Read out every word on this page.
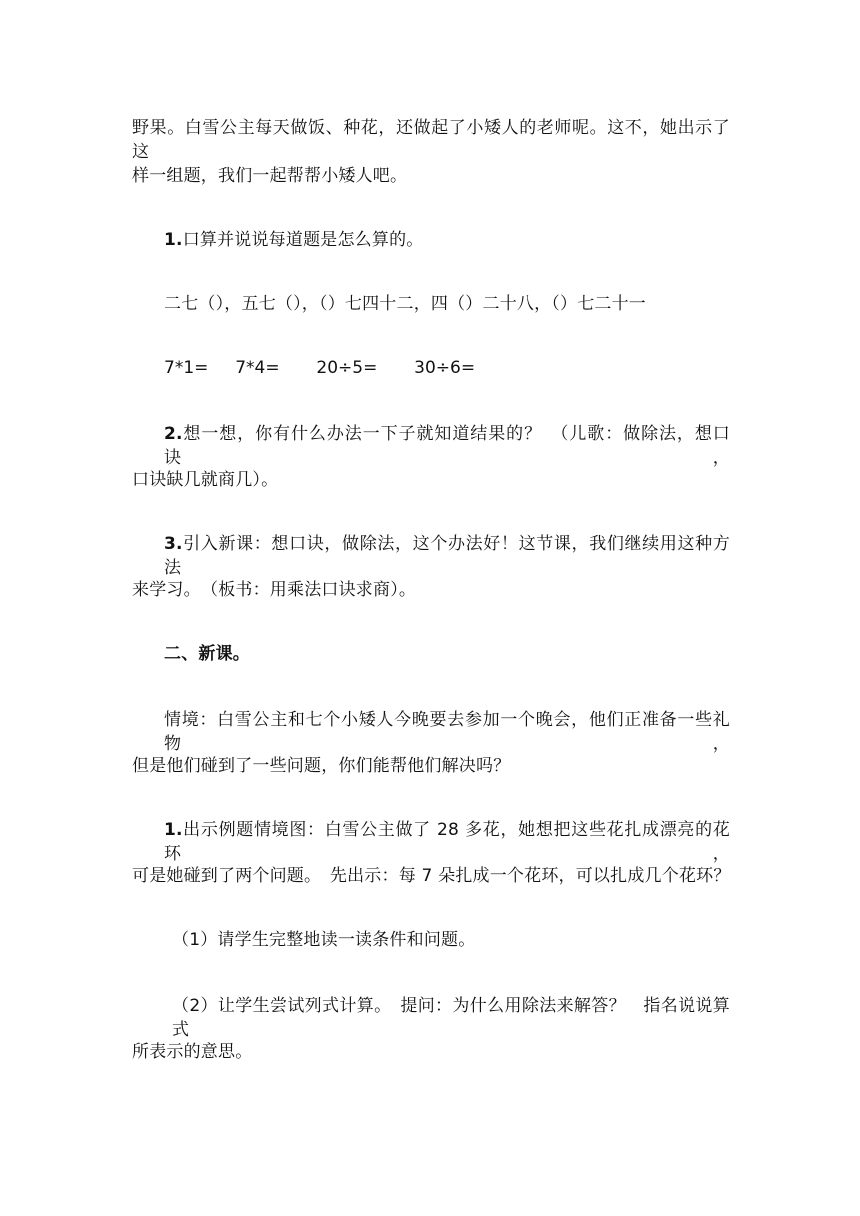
野果。白雪公主每天做饭、种花，还做起了小矮人的老师呢。这不，她出示了这
样一组题，我们一起帮帮小矮人吧。
1.口算并说说每道题是怎么算的。
二七（），五七（），（）七四十二，四（）二十八，（）七二十一
7*1= 7*4= 20÷5= 30÷6=
2.想一想，你有什么办法一下子就知道结果的？　（儿歌：做除法，想口诀，
口诀缺几就商几）。
3.引入新课：想口诀，做除法，这个办法好！这节课，我们继续用这种方法
来学习。　（板书：用乘法口诀求商）。
二、新课。
情境：白雪公主和七个小矮人今晚要去参加一个晚会，他们正准备一些礼物，
但是他们碰到了一些问题，你们能帮他们解决吗？
1.出示例题情境图：白雪公主做了 28 多花，她想把这些花扎成漂亮的花环，
可是她碰到了两个问题。　先出示：每 7 朵扎成一个花环，可以扎成几个花环？
（1）请学生完整地读一读条件和问题。
（2）让学生尝试列式计算。　提问：为什么用除法来解答？　指名说说算式
所表示的意思。
